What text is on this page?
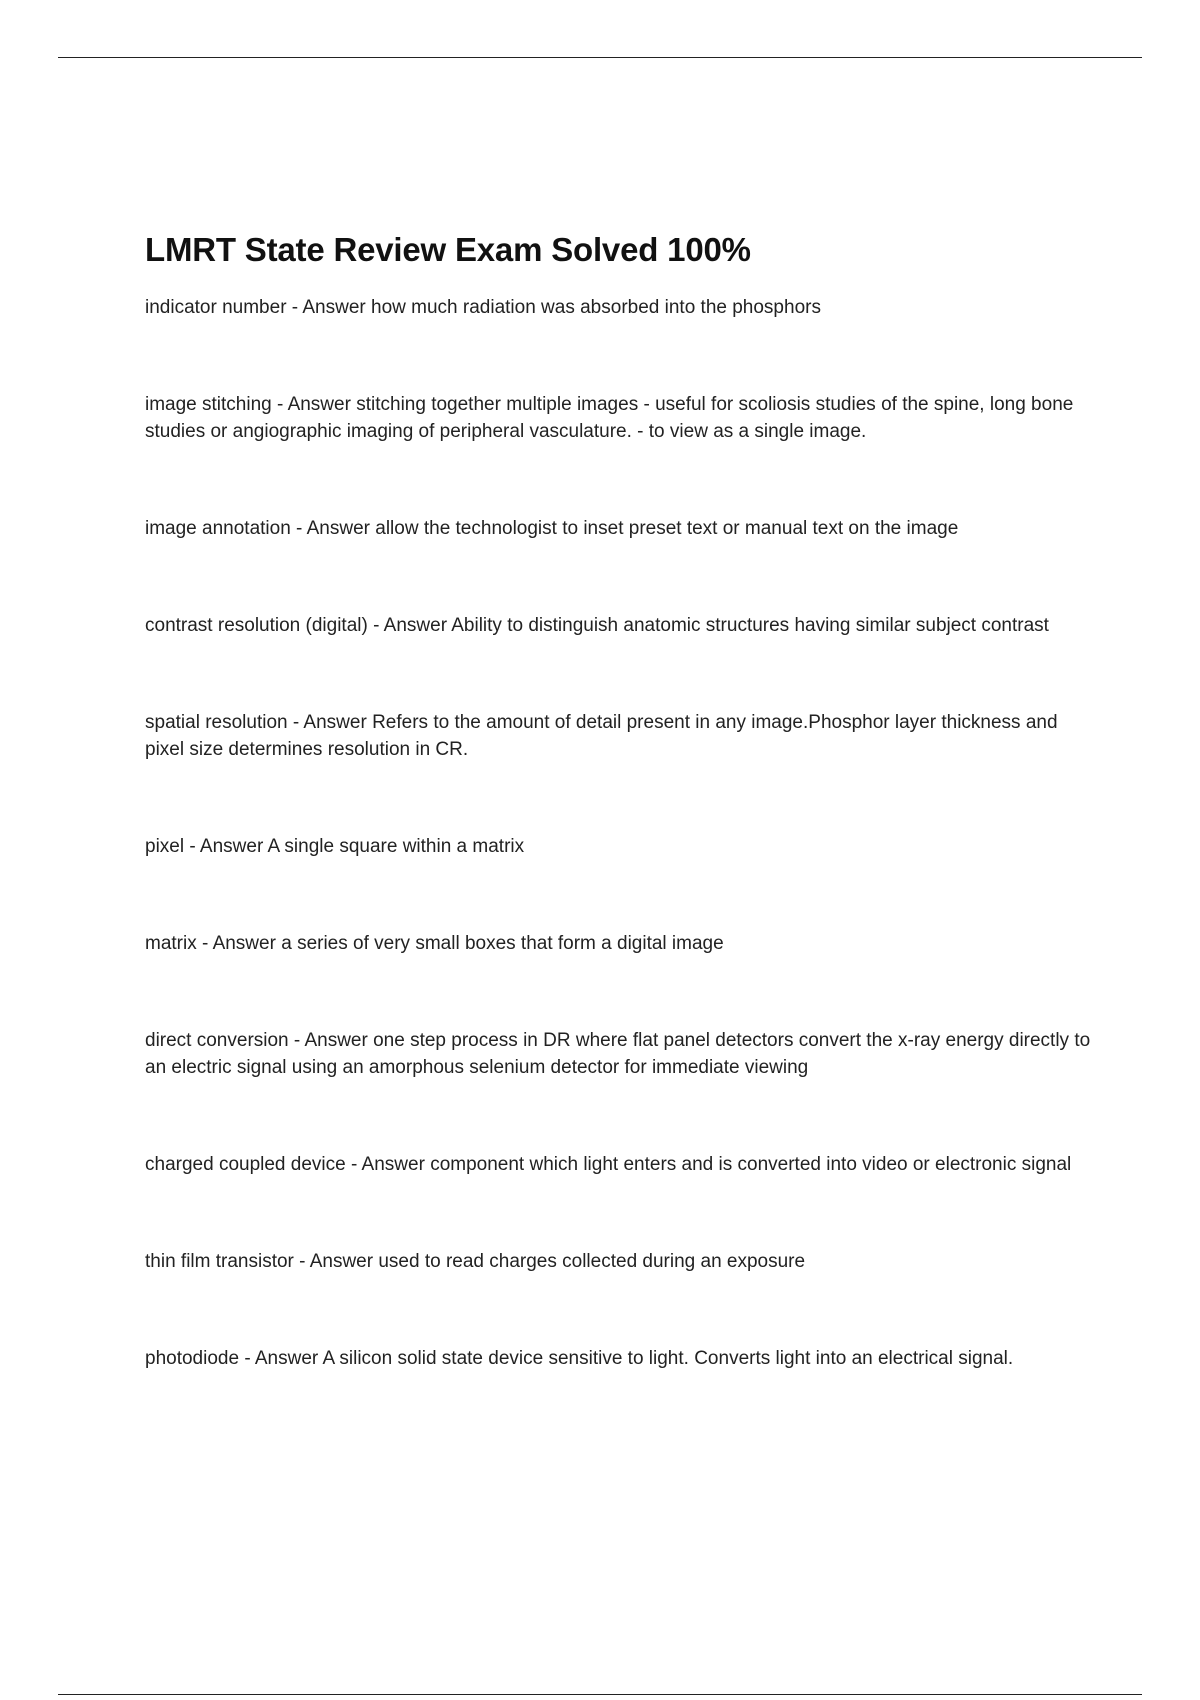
LMRT State Review Exam Solved 100%
indicator number - Answer how much radiation was absorbed into the phosphors
image stitching - Answer stitching together multiple images - useful for scoliosis studies of the spine, long bone studies or angiographic imaging of peripheral vasculature. - to view as a single image.
image annotation - Answer allow the technologist to inset preset text or manual text on the image
contrast resolution (digital) - Answer Ability to distinguish anatomic structures having similar subject contrast
spatial resolution - Answer Refers to the amount of detail present in any image.Phosphor layer thickness and pixel size determines resolution in CR.
pixel - Answer A single square within a matrix
matrix - Answer a series of very small boxes that form a digital image
direct conversion - Answer one step process in DR where flat panel detectors convert the x-ray energy directly to an electric signal using an amorphous selenium detector for immediate viewing
charged coupled device - Answer component which light enters and is converted into video or electronic signal
thin film transistor - Answer used to read charges collected during an exposure
photodiode - Answer A silicon solid state device sensitive to light. Converts light into an electrical signal.
